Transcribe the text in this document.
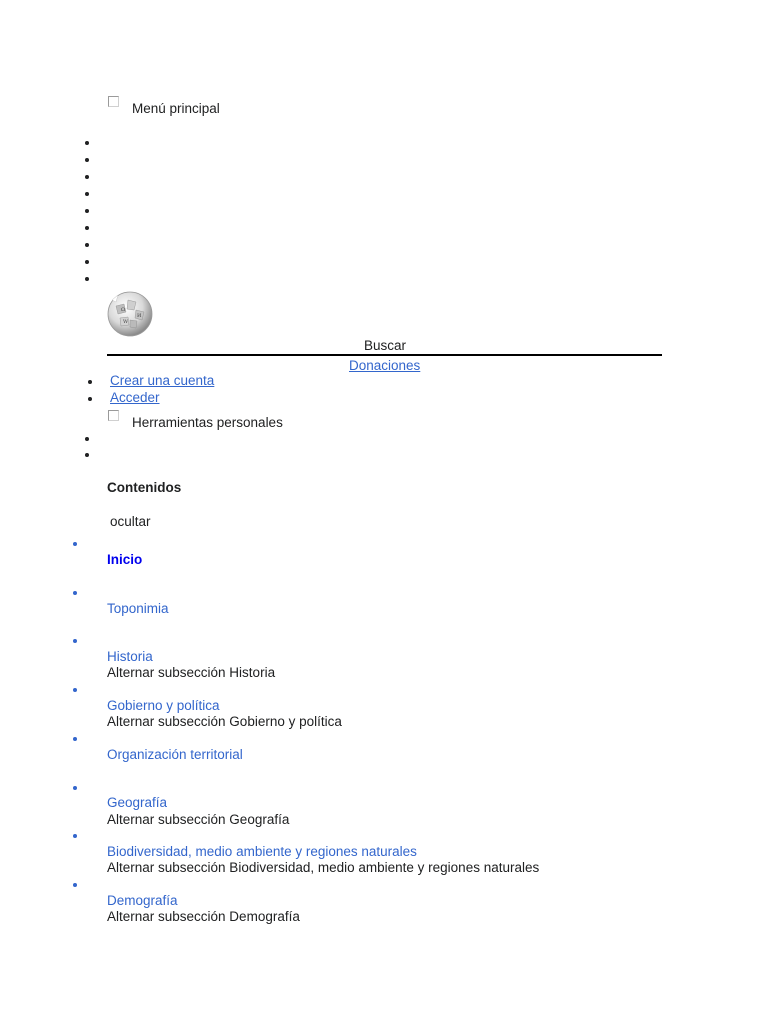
Menú principal
Ω
И
W
Buscar
Donaciones
Crear una cuenta
Acceder
Herramientas personales
Contenidos
ocultar
Inicio
Toponimia
Historia
Alternar subsección Historia
Gobierno y política
Alternar subsección Gobierno y política
Organización territorial
Geografía
Alternar subsección Geografía
Biodiversidad, medio ambiente y regiones naturales
Alternar subsección Biodiversidad, medio ambiente y regiones naturales
Demografía
Alternar subsección Demografía
